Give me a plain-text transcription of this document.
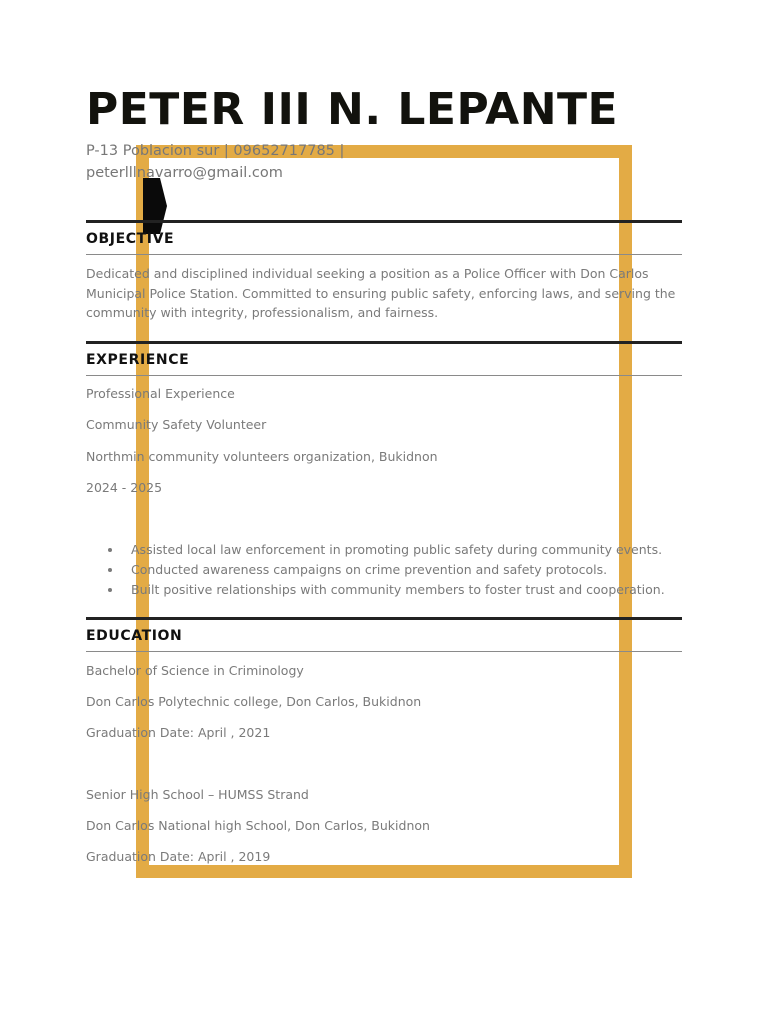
PETER III N. LEPANTE
P-13 Poblacion sur | 09652717785 |
peterlllnavarro@gmail.com
OBJECTIVE

Dedicated and disciplined individual seeking a position as a Police Officer with Don Carlos Municipal Police Station. Committed to ensuring public safety, enforcing laws, and serving the community with integrity, professionalism, and fairness.

EXPERIENCE
Professional Experience
Community Safety Volunteer
Northmin community volunteers organization, Bukidnon
2024 - 2025
Assisted local law enforcement in promoting public safety during community events.
Conducted awareness campaigns on crime prevention and safety protocols.
Built positive relationships with community members to foster trust and cooperation.
EDUCATION
Bachelor of Science in Criminology
Don Carlos Polytechnic college, Don Carlos, Bukidnon
Graduation Date: April , 2021
Senior High School – HUMSS Strand
Don Carlos National high School, Don Carlos, Bukidnon
Graduation Date: April , 2019
